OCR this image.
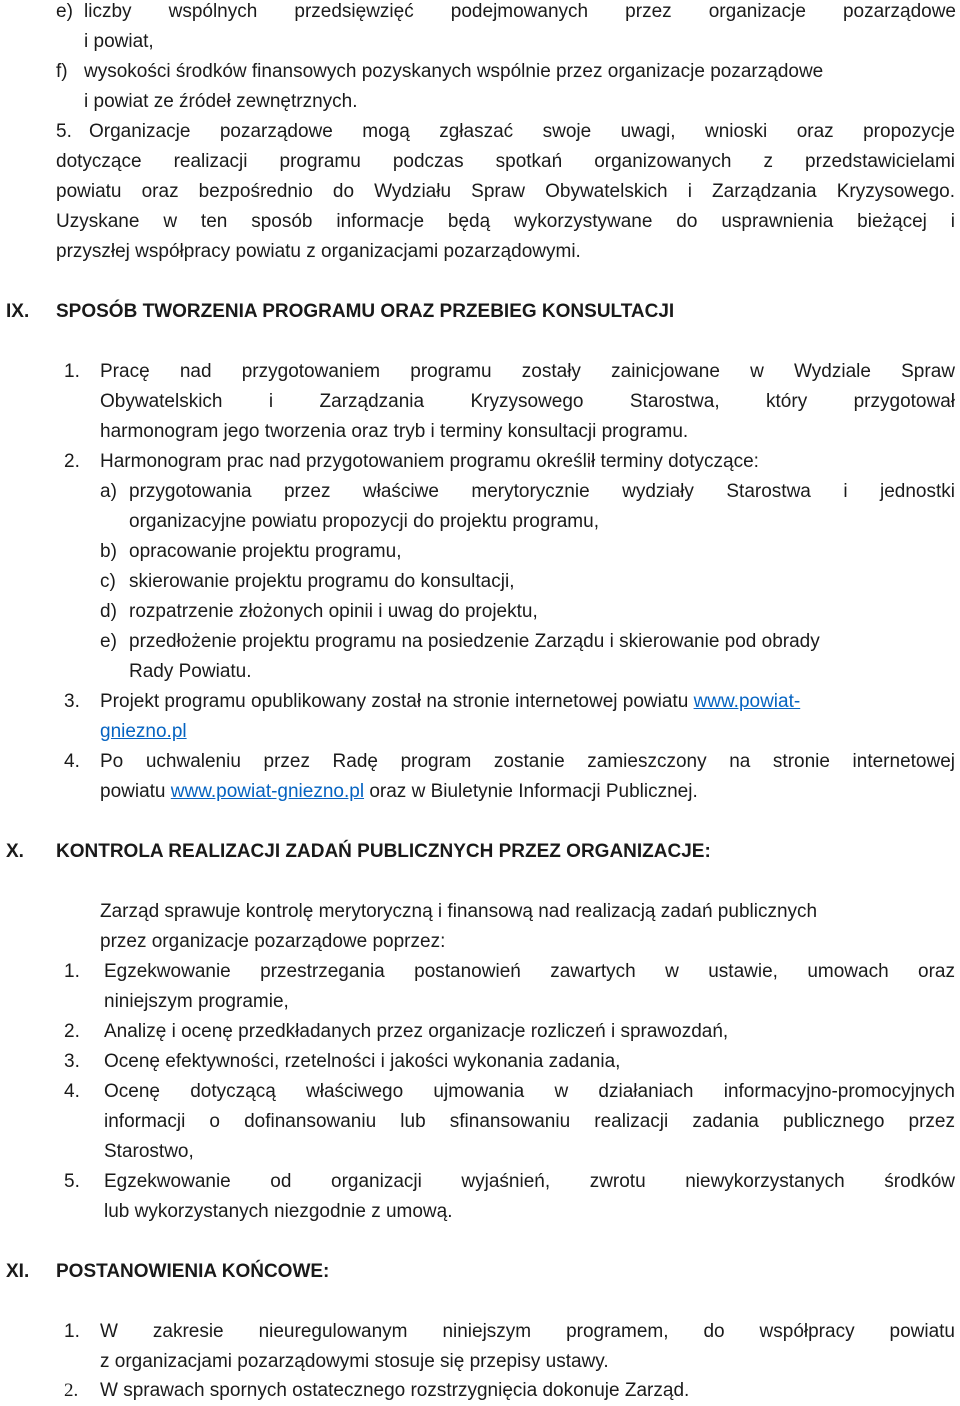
e) liczby wspólnych przedsięwzięć podejmowanych przez organizacje pozarządowe
i powiat,
f) wysokości środków finansowych pozyskanych wspólnie przez organizacje pozarządowe
i powiat ze źródeł zewnętrznych.
5. Organizacje pozarządowe mogą zgłaszać swoje uwagi, wnioski oraz propozycje
dotyczące realizacji programu podczas spotkań organizowanych z przedstawicielami
powiatu oraz bezpośrednio do Wydziału Spraw Obywatelskich i Zarządzania Kryzysowego.
Uzyskane w ten sposób informacje będą wykorzystywane do usprawnienia bieżącej i
przyszłej współpracy powiatu z organizacjami pozarządowymi.
IX. SPOSÓB TWORZENIA PROGRAMU ORAZ PRZEBIEG KONSULTACJI
1. Pracę nad przygotowaniem programu zostały zainicjowane w Wydziale Spraw
Obywatelskich i Zarządzania Kryzysowego Starostwa, który przygotował
harmonogram jego tworzenia oraz tryb i terminy konsultacji programu.
2. Harmonogram prac nad przygotowaniem programu określił terminy dotyczące:
a) przygotowania przez właściwe merytorycznie wydziały Starostwa i jednostki
organizacyjne powiatu propozycji do projektu programu,
b) opracowanie projektu programu,
c) skierowanie projektu programu do konsultacji,
d) rozpatrzenie złożonych opinii i uwag do projektu,
e) przedłożenie projektu programu na posiedzenie Zarządu i skierowanie pod obrady
Rady Powiatu.
3. Projekt programu opublikowany został na stronie internetowej powiatu www.powiat-
gniezno.pl
4. Po uchwaleniu przez Radę program zostanie zamieszczony na stronie internetowej
powiatu www.powiat-gniezno.pl oraz w Biuletynie Informacji Publicznej.
X. KONTROLA REALIZACJI ZADAŃ PUBLICZNYCH PRZEZ ORGANIZACJE:
Zarząd sprawuje kontrolę merytoryczną i finansową nad realizacją zadań publicznych
przez organizacje pozarządowe poprzez:
1. Egzekwowanie przestrzegania postanowień zawartych w ustawie, umowach oraz
niniejszym programie,
2. Analizę i ocenę przedkładanych przez organizacje rozliczeń i sprawozdań,
3. Ocenę efektywności, rzetelności i jakości wykonania zadania,
4. Ocenę dotyczącą właściwego ujmowania w działaniach informacyjno-promocyjnych
informacji o dofinansowaniu lub sfinansowaniu realizacji zadania publicznego przez
Starostwo,
5. Egzekwowanie od organizacji wyjaśnień, zwrotu niewykorzystanych środków
lub wykorzystanych niezgodnie z umową.
XI. POSTANOWIENIA KOŃCOWE:
1. W zakresie nieuregulowanym niniejszym programem, do współpracy powiatu
z organizacjami pozarządowymi stosuje się przepisy ustawy.
2. W sprawach spornych ostatecznego rozstrzygnięcia dokonuje Zarząd.
